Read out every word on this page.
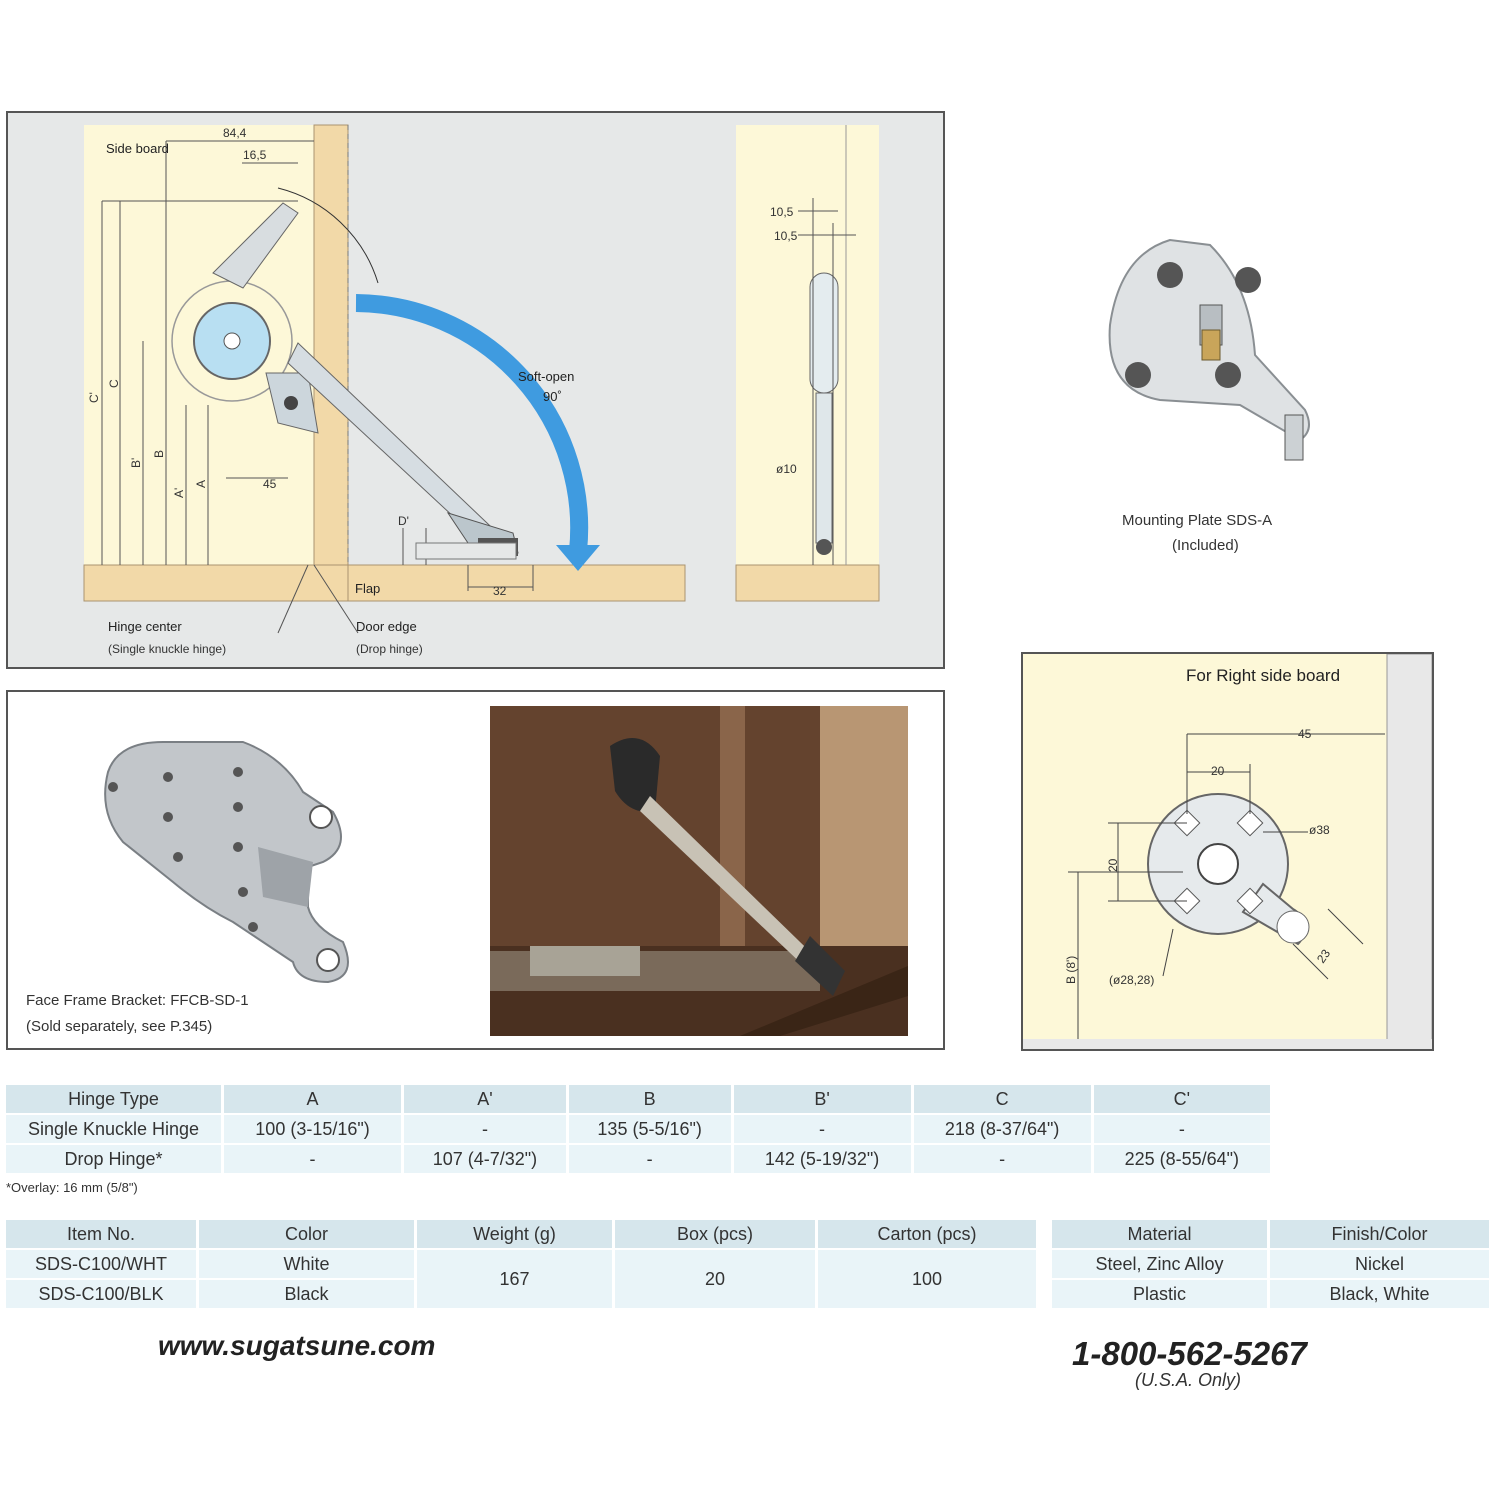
Side board
84,4
16,5
Soft-open
90˚
Flap
Hinge center
(Single knuckle hinge)
Door edge
(Drop hinge)
45
32
D'
C'
C
B'
B
A'
A
10,5
10,5
ø10
Mounting Plate SDS-A
(Included)
For Right side board
45
20
20
ø38
B (8')	(ø28,28)
23
Face Frame Bracket: FFCB-SD-1
(Sold separately, see P.345)
Hinge Type	A	A'	B	B'	C	C'
Single Knuckle Hinge	100 (3-15/16")	-	135 (5-5/16")	-	218 (8-37/64")	-
Drop Hinge*	-	107 (4-7/32")	-	142 (5-19/32")	-	225 (8-55/64")
*Overlay: 16 mm (5/8")
Item No.	Color	Weight (g)	Box (pcs)	Carton (pcs)
SDS-C100/WHT	White	167	20	100
SDS-C100/BLK	Black			
Material	Finish/Color
Steel, Zinc Alloy	Nickel
Plastic	Black, White
www.sugatsune.com	1-800-562-5267
(U.S.A. Only)
